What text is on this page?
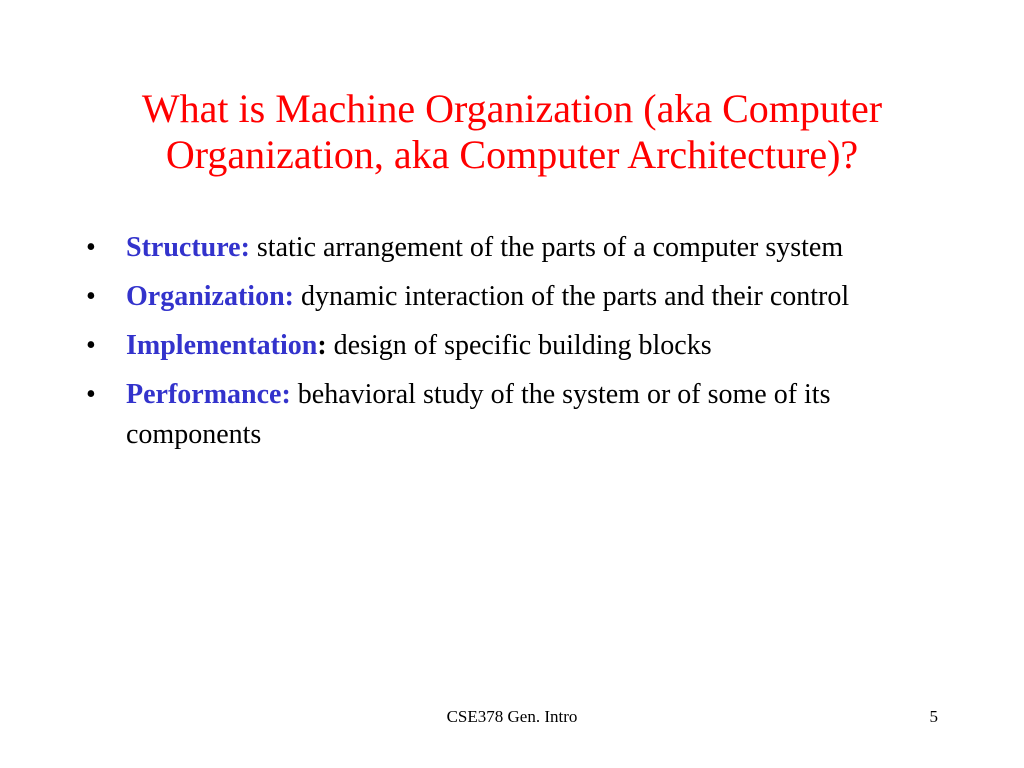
What is Machine Organization (aka Computer
Organization, aka Computer Architecture)?
•	Structure: static arrangement of the parts of a computer system
•	Organization: dynamic interaction of the parts and their control
•	Implementation: design of specific building blocks
•	Performance: behavioral study of the system or of some of its components
CSE378 Gen. Intro	5
